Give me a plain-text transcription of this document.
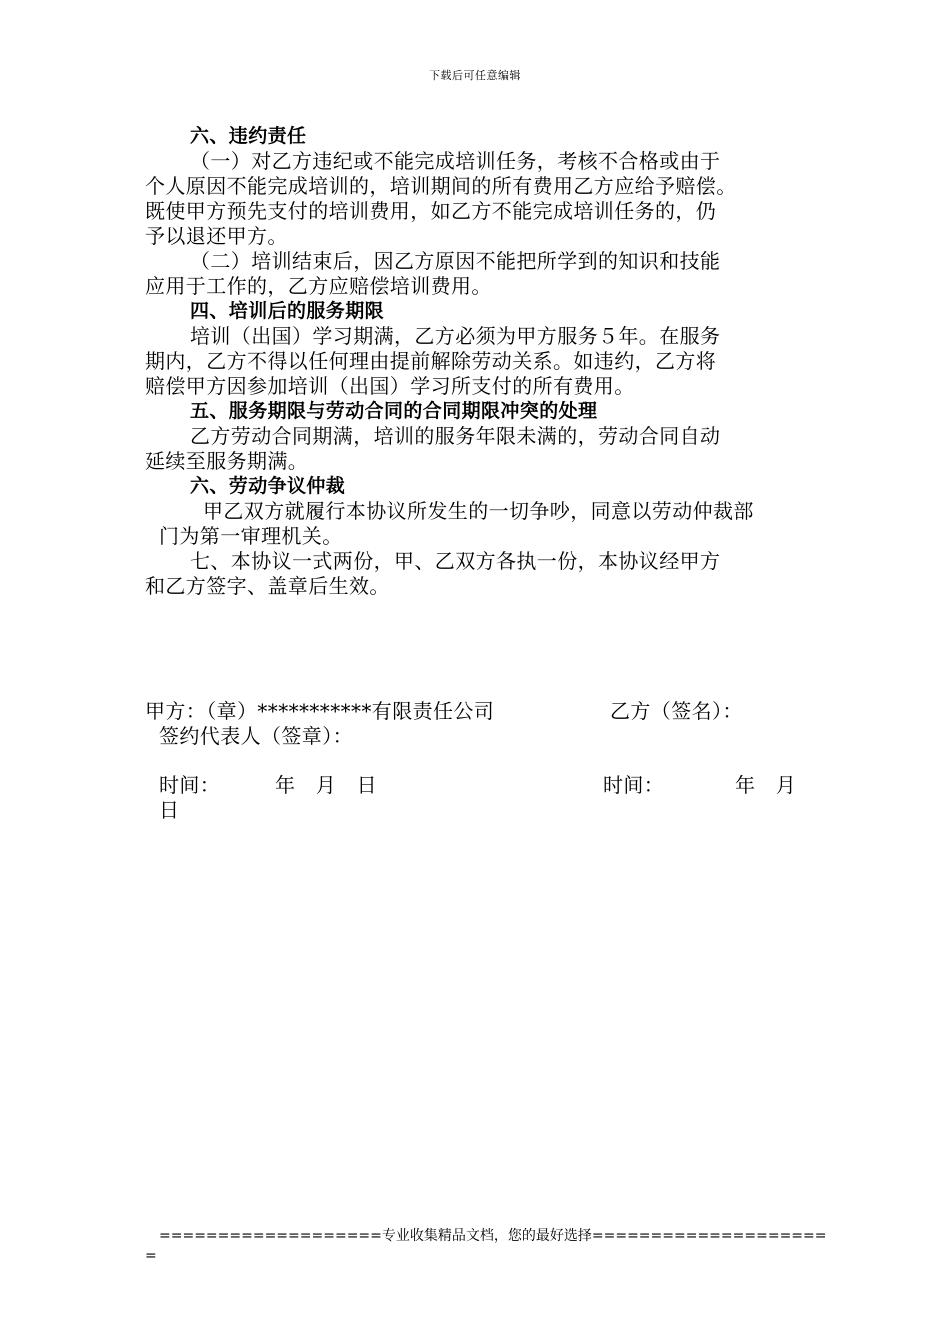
下载后可任意编辑
六、违约责任
（一）对乙方违纪或不能完成培训任务，考核不合格或由于
个人原因不能完成培训的，培训期间的所有费用乙方应给予赔偿。
既使甲方预先支付的培训费用，如乙方不能完成培训任务的，仍
予以退还甲方。
（二）培训结束后，因乙方原因不能把所学到的知识和技能
应用于工作的，乙方应赔偿培训费用。
四、培训后的服务期限
培训（出国）学习期满，乙方必须为甲方服务５年。在服务
期内，乙方不得以任何理由提前解除劳动关系。如违约，乙方将
赔偿甲方因参加培训（出国）学习所支付的所有费用。
五、服务期限与劳动合同的合同期限冲突的处理
乙方劳动合同期满，培训的服务年限未满的，劳动合同自动
延续至服务期满。
六、劳动争议仲裁
甲乙双方就履行本协议所发生的一切争吵，同意以劳动仲裁部
门为第一审理机关。
七、本协议一式两份，甲、乙双方各执一份，本协议经甲方
和乙方签字、盖章后生效。
甲方：（章）***********有限责任公司	乙方（签名）：
签约代表人（签章）：
时间：	年　月　日	时间：	年　月
日
===================专业收集精品文档，您的最好选择====================
=
